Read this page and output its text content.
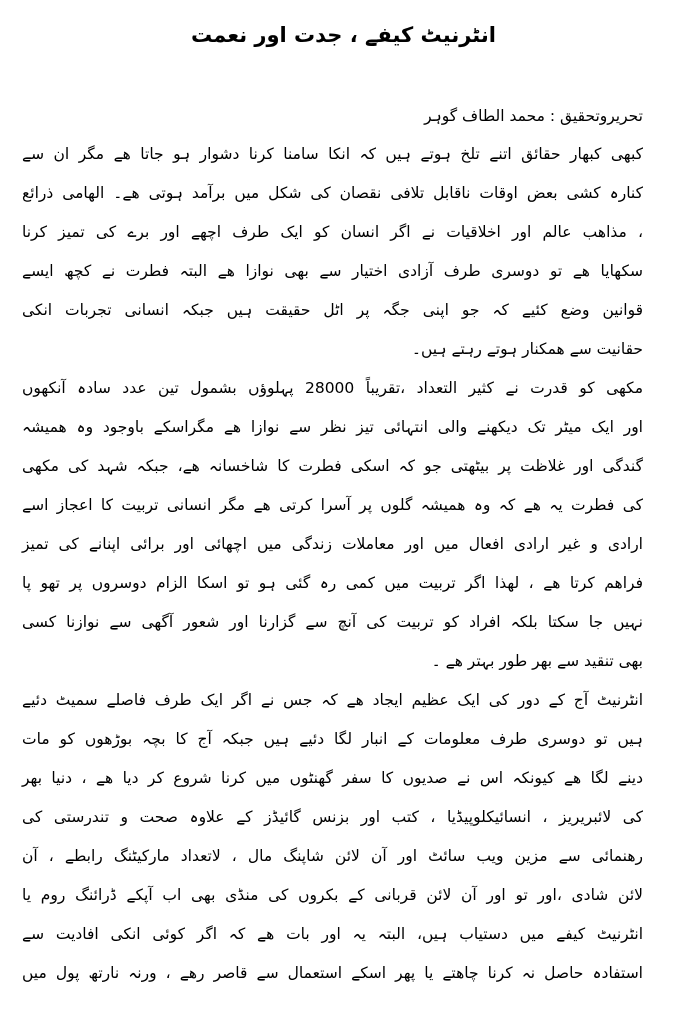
انٹرنیٹ کیفے ، جدت اور نعمت
تحریروتحقیق : محمد الطاف گوہر
کبھی کبھار حقائق اتنے تلخ ہوتے ہیں کہ انکا سامنا کرنا دشوار ہو جاتا ھے مگر ان سے
کنارہ کشی بعض اوقات ناقابل تلافی نقصان کی شکل میں برآمد ہوتی ھے۔ الھامی ذرائع
، مذاھب عالم اور اخلاقیات نے اگر انسان کو ایک طرف اچھے اور برے کی تمیز کرنا
سکھایا ھے تو دوسری طرف آزادی اختیار سے بھی نوازا ھے البتہ فطرت نے کچھ ایسے
قوانین وضع کئیے کہ جو اپنی جگہ پر اٹل حقیقت ہیں جبکہ انسانی تجربات انکی
حقانیت سے ھمکنار ہوتے رہتے ہیں۔
مکھی کو قدرت نے کثیر التعداد ،تقریباً 28000 پہلوؤں بشمول تین عدد سادہ آنکھوں
اور ایک میٹر تک دیکھنے والی انتہائی تیز نظر سے نوازا ھے مگراسکے باوجود وہ ھمیشہ
گندگی اور غلاظت پر بیٹھتی جو کہ اسکی فطرت کا شاخسانہ ھے، جبکہ شہد کی مکھی
کی فطرت یہ ھے کہ وہ ھمیشہ گلوں پر آسرا کرتی ھے مگر انسانی تربیت کا اعجاز اسے
ارادی و غیر ارادی افعال میں اور معاملات زندگی میں اچھائی اور برائی اپنانے کی تمیز
فراھم کرتا ھے ، لھذا اگر تربیت میں کمی رہ گئی ہو تو اسکا الزام دوسروں پر تھو پا
نہیں جا سکتا بلکہ افراد کو تربیت کی آنچ سے گزارنا اور شعور آگھی سے نوازنا کسی
بھی تنقید سے بھر طور بہتر ھے ۔
انٹرنیٹ آج کے دور کی ایک عظیم ایجاد ھے کہ جس نے اگر ایک طرف فاصلے سمیٹ دئیے
ہیں تو دوسری طرف معلومات کے انبار لگا دئیے ہیں جبکہ آج کا بچہ بوڑھوں کو مات
دینے لگا ھے کیونکہ اس نے صدیوں کا سفر گھنٹوں میں کرنا شروع کر دیا ھے ، دنیا بھر
کی لائبریریز ، انسائیکلوپیڈیا ، کتب اور بزنس گائیڈز کے علاوہ صحت و تندرستی کی
رھنمائی سے مزین ویب سائٹ اور آن لائن شاپنگ مال ، لاتعداد مارکیٹنگ رابطے ، آن
لائن شادی ،اور تو اور آن لائن قربانی کے بکروں کی منڈی بھی اب آپکے ڈرائنگ روم یا
انٹرنیٹ کیفے میں دستیاب ہیں، البتہ یہ اور بات ھے کہ اگر کوئی انکی افادیت سے
استفادہ حاصل نہ کرنا چاھتے یا پھر اسکے استعمال سے قاصر رھے ، ورنہ نارتھ پول میں
